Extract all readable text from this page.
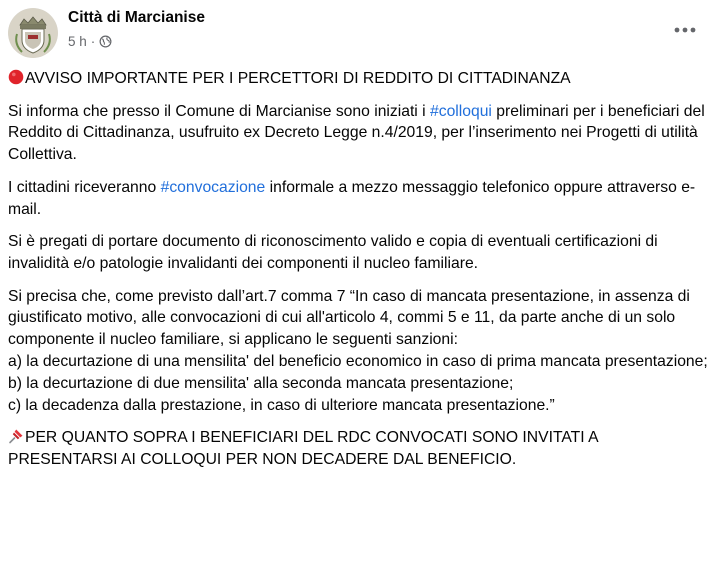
Città di Marcianise
5 h ·

AVVISO IMPORTANTE PER I PERCETTORI DI REDDITO DI CITTADINANZA

Si informa che presso il Comune di Marcianise sono iniziati i #colloqui preliminari per i beneficiari del Reddito di Cittadinanza, usufruito ex Decreto Legge n.4/2019, per l’inserimento nei Progetti di utilità Collettiva.

I cittadini riceveranno #convocazione informale a mezzo messaggio telefonico oppure attraverso e-mail.

Si è pregati di portare documento di riconoscimento valido e copia di eventuali certificazioni di invalidità e/o patologie invalidanti dei componenti il nucleo familiare.

Si precisa che, come previsto dall’art.7 comma 7 “In caso di mancata presentazione, in assenza di giustificato motivo, alle convocazioni di cui all'articolo 4, commi 5 e 11, da parte anche di un solo componente il nucleo familiare, si applicano le seguenti sanzioni:
a) la decurtazione di una mensilita' del beneficio economico in caso di prima mancata presentazione;
b) la decurtazione di due mensilita' alla seconda mancata presentazione;
c) la decadenza dalla prestazione, in caso di ulteriore mancata presentazione.”

PER QUANTO SOPRA I BENEFICIARI DEL RDC CONVOCATI SONO INVITATI A PRESENTARSI AI COLLOQUI PER NON DECADERE DAL BENEFICIO.
